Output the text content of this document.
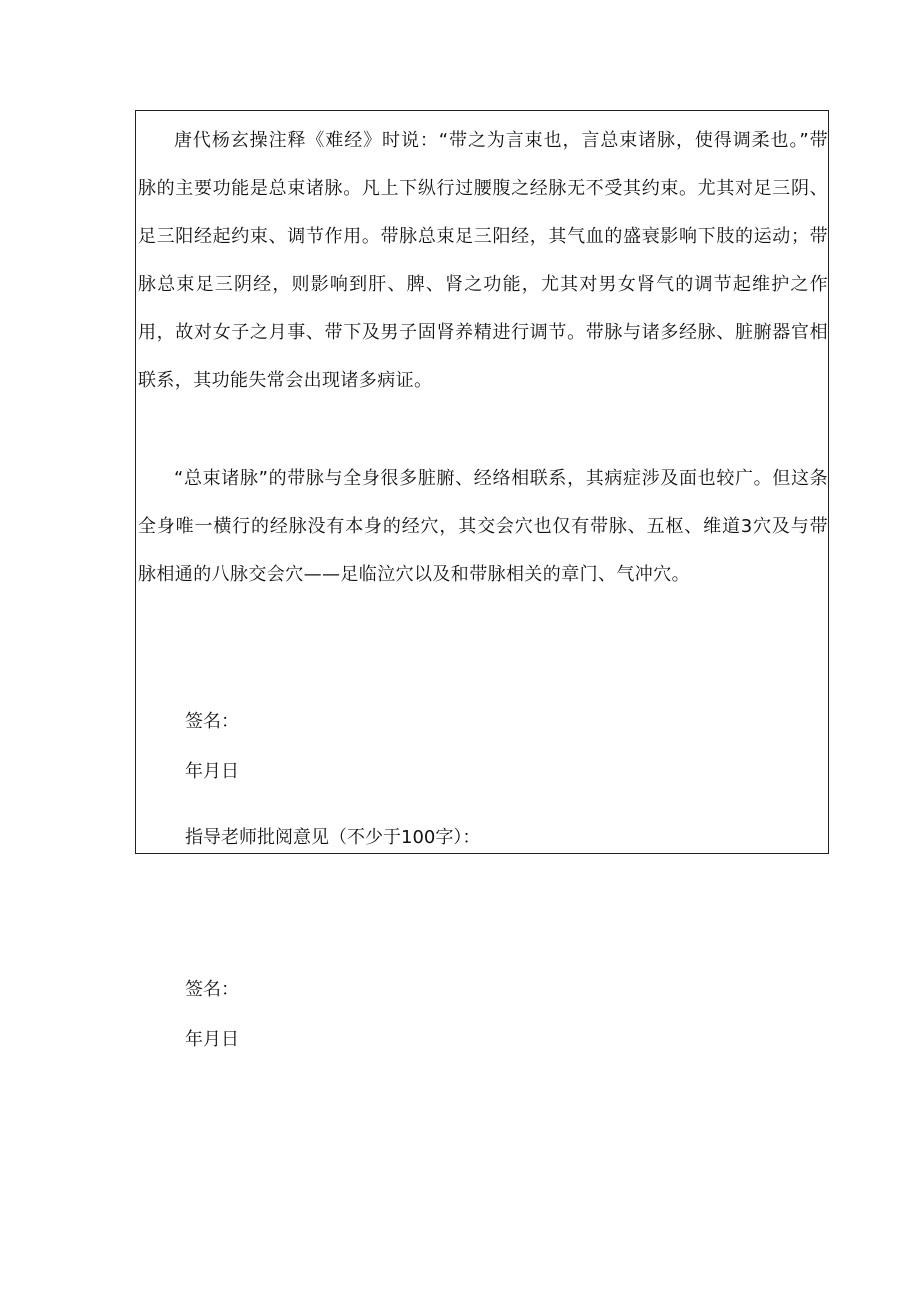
唐代杨玄操注释《难经》时说：“带之为言束也，言总束诸脉，使得调柔也。”带脉的主要功能是总束诸脉。凡上下纵行过腰腹之经脉无不受其约束。尤其对足三阴、足三阳经起约束、调节作用。带脉总束足三阳经，其气血的盛衰影响下肢的运动；带脉总束足三阴经，则影响到肝、脾、肾之功能，尤其对男女肾气的调节起维护之作用，故对女子之月事、带下及男子固肾养精进行调节。带脉与诸多经脉、脏腑器官相联系，其功能失常会出现诸多病证。

“总束诸脉”的带脉与全身很多脏腑、经络相联系，其病症涉及面也较广。但这条全身唯一横行的经脉没有本身的经穴，其交会穴也仅有带脉、五枢、维道3穴及与带脉相通的八脉交会穴——足临泣穴以及和带脉相关的章门、气冲穴。

签名：

年月日

指导老师批阅意见（不少于100字）：

签名：

年月日
